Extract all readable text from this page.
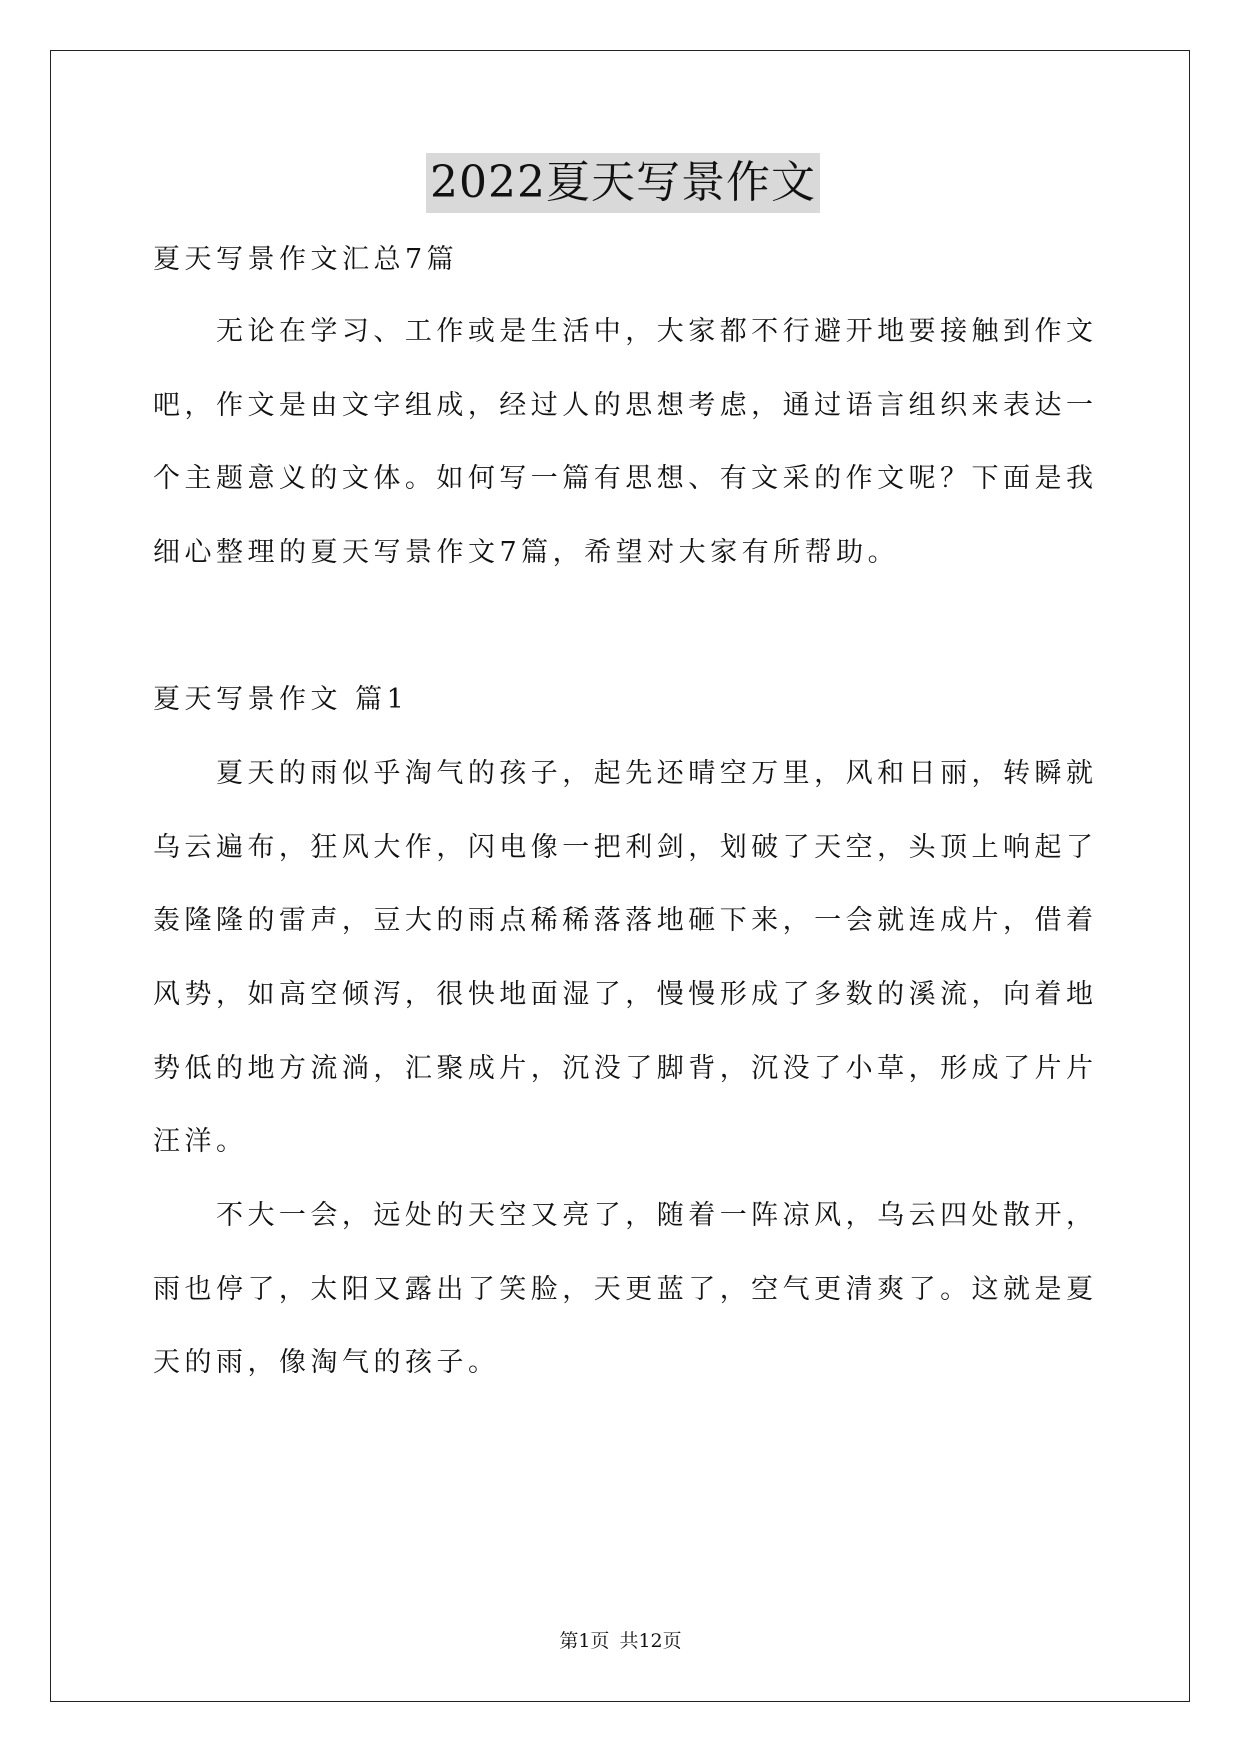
2022夏天写景作文
夏天写景作文汇总7篇
　　无论在学习、工作或是生活中，大家都不行避开地要接触到作文
吧，作文是由文字组成，经过人的思想考虑，通过语言组织来表达一
个主题意义的文体。如何写一篇有思想、有文采的作文呢？下面是我
细心整理的夏天写景作文7篇，希望对大家有所帮助。
夏天写景作文 篇1
　　夏天的雨似乎淘气的孩子，起先还晴空万里，风和日丽，转瞬就
乌云遍布，狂风大作，闪电像一把利剑，划破了天空，头顶上响起了
轰隆隆的雷声，豆大的雨点稀稀落落地砸下来，一会就连成片，借着
风势，如高空倾泻，很快地面湿了，慢慢形成了多数的溪流，向着地
势低的地方流淌，汇聚成片，沉没了脚背，沉没了小草，形成了片片
汪洋。
　　不大一会，远处的天空又亮了，随着一阵凉风，乌云四处散开，
雨也停了，太阳又露出了笑脸，天更蓝了，空气更清爽了。这就是夏
天的雨，像淘气的孩子。
第1页 共12页
